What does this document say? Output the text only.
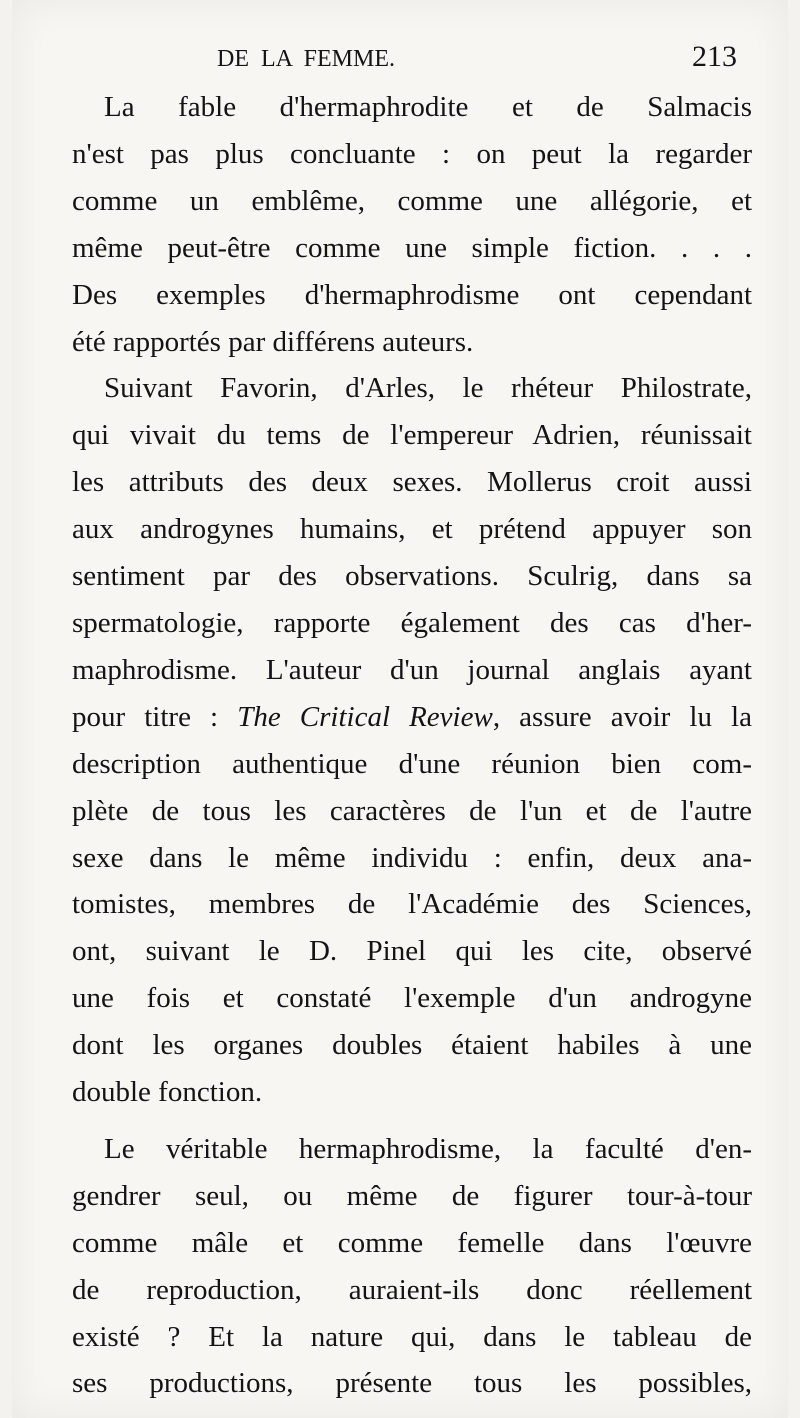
DE LA FEMME.	213
La fable d'hermaphrodite et de Salmacis
n'est pas plus concluante : on peut la regarder
comme un emblême, comme une allégorie, et
même peut-être comme une simple fiction. . . .
Des exemples d'hermaphrodisme ont cependant
été rapportés par différens auteurs.
Suivant Favorin, d'Arles, le rhéteur Philostrate,
qui vivait du tems de l'empereur Adrien, réunissait
les attributs des deux sexes. Mollerus croit aussi
aux androgynes humains, et prétend appuyer son
sentiment par des observations. Sculrig, dans sa
spermatologie, rapporte également des cas d'her-
maphrodisme. L'auteur d'un journal anglais ayant
pour titre : The Critical Review, assure avoir lu la
description authentique d'une réunion bien com-
plète de tous les caractères de l'un et de l'autre
sexe dans le même individu : enfin, deux ana-
tomistes, membres de l'Académie des Sciences,
ont, suivant le D. Pinel qui les cite, observé
une fois et constaté l'exemple d'un androgyne
dont les organes doubles étaient habiles à une
double fonction.
Le véritable hermaphrodisme, la faculté d'en-
gendrer seul, ou même de figurer tour-à-tour
comme mâle et comme femelle dans l'œuvre
de reproduction, auraient-ils donc réellement
existé ? Et la nature qui, dans le tableau de
ses productions, présente tous les possibles,
